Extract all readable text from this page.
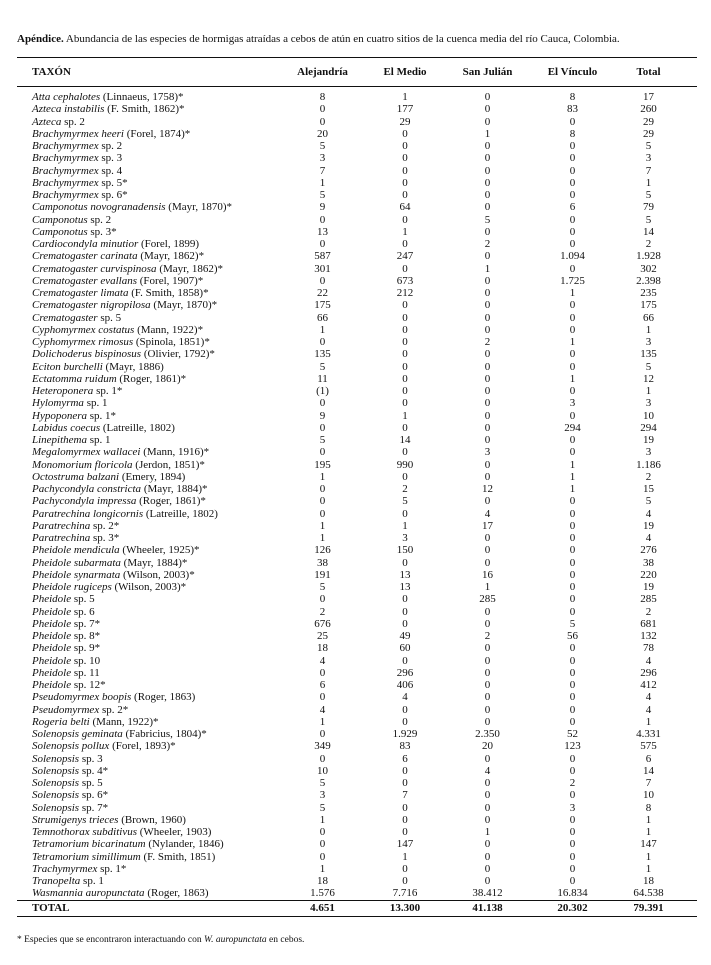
Apéndice. Abundancia de las especies de hormigas atraídas a cebos de atún en cuatro sitios de la cuenca media del río Cauca, Colombia.
TAXÓN	Alejandría	El Medio	San Julián	El Vínculo	Total	
Atta cephalotes (Linnaeus, 1758)*	8	1	0	8	17	
Azteca instabilis (F. Smith, 1862)*	0	177	0	83	260	
Azteca sp. 2	0	29	0	0	29	
Brachymyrmex heeri (Forel, 1874)*	20	0	1	8	29	
Brachymyrmex sp. 2	5	0	0	0	5	
Brachymyrmex sp. 3	3	0	0	0	3	
Brachymyrmex sp. 4	7	0	0	0	7	
Brachymyrmex sp. 5*	1	0	0	0	1	
Brachymyrmex sp. 6*	5	0	0	0	5	
Camponotus novogranadensis (Mayr, 1870)*	9	64	0	6	79	
Camponotus sp. 2	0	0	5	0	5	
Camponotus sp. 3*	13	1	0	0	14	
Cardiocondyla minutior (Forel, 1899)	0	0	2	0	2	
Crematogaster carinata (Mayr, 1862)*	587	247	0	1.094	1.928	
Crematogaster curvispinosa (Mayr, 1862)*	301	0	1	0	302	
Crematogaster evallans (Forel, 1907)*	0	673	0	1.725	2.398	
Crematogaster limata (F. Smith, 1858)*	22	212	0	1	235	
Crematogaster nigropilosa (Mayr, 1870)*	175	0	0	0	175	
Crematogaster sp. 5	66	0	0	0	66	
Cyphomyrmex costatus (Mann, 1922)*	1	0	0	0	1	
Cyphomyrmex rimosus (Spinola, 1851)*	0	0	2	1	3	
Dolichoderus bispinosus (Olivier, 1792)*	135	0	0	0	135	
Eciton burchelli (Mayr, 1886)	5	0	0	0	5	
Ectatomma ruidum (Roger, 1861)*	11	0	0	1	12	
Heteroponera sp. 1*	(1)	0	0	0	1	
Hylomyrma sp. 1	0	0	0	3	3	
Hypoponera sp. 1*	9	1	0	0	10	
Labidus coecus (Latreille, 1802)	0	0	0	294	294	
Linepithema sp. 1	5	14	0	0	19	
Megalomyrmex wallacei (Mann, 1916)*	0	0	3	0	3	
Monomorium floricola (Jerdon, 1851)*	195	990	0	1	1.186	
Octostruma balzani (Emery, 1894)	1	0	0	1	2	
Pachycondyla constricta (Mayr, 1884)*	0	2	12	1	15	
Pachycondyla impressa (Roger, 1861)*	0	5	0	0	5	
Paratrechina longicornis (Latreille, 1802)	0	0	4	0	4	
Paratrechina sp. 2*	1	1	17	0	19	
Paratrechina sp. 3*	1	3	0	0	4	
Pheidole mendicula (Wheeler, 1925)*	126	150	0	0	276	
Pheidole subarmata (Mayr, 1884)*	38	0	0	0	38	
Pheidole synarmata (Wilson, 2003)*	191	13	16	0	220	
Pheidole rugiceps (Wilson, 2003)*	5	13	1	0	19	
Pheidole sp. 5	0	0	285	0	285	
Pheidole sp. 6	2	0	0	0	2	
Pheidole sp. 7*	676	0	0	5	681	
Pheidole sp. 8*	25	49	2	56	132	
Pheidole sp. 9*	18	60	0	0	78	
Pheidole sp. 10	4	0	0	0	4	
Pheidole sp. 11	0	296	0	0	296	
Pheidole sp. 12*	6	406	0	0	412	
Pseudomyrmex boopis (Roger, 1863)	0	4	0	0	4	
Pseudomyrmex sp. 2*	4	0	0	0	4	
Rogeria belti (Mann, 1922)*	1	0	0	0	1	
Solenopsis geminata (Fabricius, 1804)*	0	1.929	2.350	52	4.331	
Solenopsis pollux (Forel, 1893)*	349	83	20	123	575	
Solenopsis sp. 3	0	6	0	0	6	
Solenopsis sp. 4*	10	0	4	0	14	
Solenopsis sp. 5	5	0	0	2	7	
Solenopsis sp. 6*	3	7	0	0	10	
Solenopsis sp. 7*	5	0	0	3	8	
Strumigenys trieces (Brown, 1960)	1	0	0	0	1	
Temnothorax subditivus (Wheeler, 1903)	0	0	1	0	1	
Tetramorium bicarinatum (Nylander, 1846)	0	147	0	0	147	
Tetramorium simillimum (F. Smith, 1851)	0	1	0	0	1	
Trachymyrmex sp. 1*	1	0	0	0	1	
Tranopelta sp. 1	18	0	0	0	18	
Wasmannia auropunctata (Roger, 1863)	1.576	7.716	38.412	16.834	64.538	
TOTAL	4.651	13.300	41.138	20.302	79.391	
* Especies que se encontraron interactuando con W. auropunctata en cebos.
